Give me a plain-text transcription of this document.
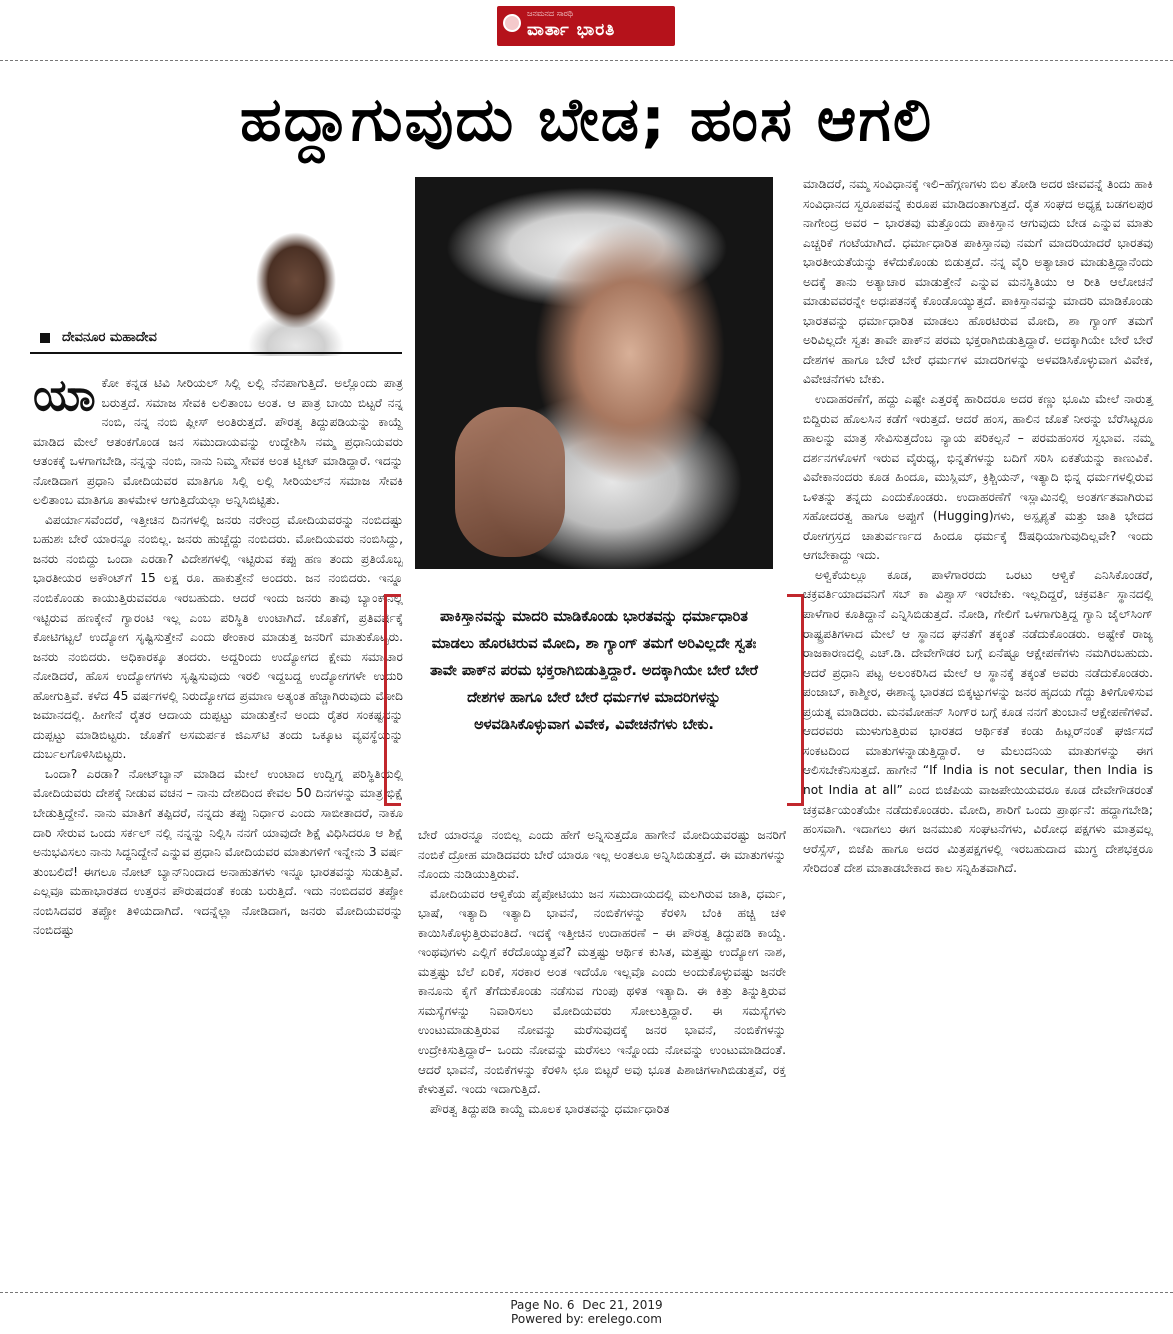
ಜನಮನದ ಸಾರಥಿ
ವಾರ್ತಾ ಭಾರತಿ
ಹದ್ದಾಗುವುದು ಬೇಡ; ಹಂಸ ಆಗಲಿ
ದೇವನೂರ ಮಹಾದೇವ

ಯಾಕೋ ಕನ್ನಡ ಟಿವಿ ಸೀರಿಯಲ್ ಸಿಲ್ಲಿ ಲಲ್ಲಿ ನೆನಪಾಗುತ್ತಿದೆ. ಅಲ್ಲೊಂದು ಪಾತ್ರ ಬರುತ್ತದೆ. ಸಮಾಜ ಸೇವಕಿ ಲಲಿತಾಂಬ ಅಂತ. ಆ ಪಾತ್ರ ಬಾಯಿ ಬಿಟ್ಟರೆ ನನ್ನ ನಂಬಿ, ನನ್ನ ನಂಬಿ ಪ್ಲೀಸ್ ಅಂತಿರುತ್ತದೆ. ಪೌರತ್ವ ತಿದ್ದುಪಡಿಯನ್ನು ಕಾಯ್ದೆ ಮಾಡಿದ ಮೇಲೆ ಆತಂಕಗೊಂಡ ಜನ ಸಮುದಾಯವನ್ನು ಉದ್ದೇಶಿಸಿ ನಮ್ಮ ಪ್ರಧಾನಿಯವರು ಆತಂಕಕ್ಕೆ ಒಳಗಾಗಬೇಡಿ, ನನ್ನನ್ನು ನಂಬಿ, ನಾನು ನಿಮ್ಮ ಸೇವಕ ಅಂತ ಟ್ವೀಟ್ ಮಾಡಿದ್ದಾರೆ. ಇದನ್ನು ನೋಡಿದಾಗ ಪ್ರಧಾನಿ ಮೋದಿಯವರ ಮಾತಿಗೂ ಸಿಲ್ಲಿ ಲಲ್ಲಿ ಸೀರಿಯಲ್‌ನ ಸಮಾಜ ಸೇವಕಿ ಲಲಿತಾಂಬ ಮಾತಿಗೂ ತಾಳಮೇಳ ಆಗುತ್ತಿದೆಯಲ್ಲಾ ಅನ್ನಿಸಿಬಿಟ್ಟಿತು.

ವಿಪರ್ಯಾಸವೆಂದರೆ, ಇತ್ತೀಚಿನ ದಿನಗಳಲ್ಲಿ ಜನರು ನರೇಂದ್ರ ಮೋದಿಯವರನ್ನು ನಂಬಿದಷ್ಟು ಬಹುಶಃ ಬೇರೆ ಯಾರನ್ನೂ ನಂಬಿಲ್ಲ. ಜನರು ಹುಚ್ಚೆದ್ದು ನಂಬಿದರು. ಮೋದಿಯವರು ನಂಬಿಸಿದ್ದು, ಜನರು ನಂಬಿದ್ದು ಒಂದಾ ಎರಡಾ? ವಿದೇಶಗಳಲ್ಲಿ ಇಟ್ಟಿರುವ ಕಪ್ಪು ಹಣ ತಂದು ಪ್ರತಿಯೊಬ್ಬ ಭಾರತೀಯರ ಅಕೌಂಟ್‌ಗೆ 15 ಲಕ್ಷ ರೂ. ಹಾಕುತ್ತೇನೆ ಅಂದರು. ಜನ ನಂಬಿದರು. ಇನ್ನೂ ನಂಬಿಕೊಂಡು ಕಾಯುತ್ತಿರುವವರೂ ಇರಬಹುದು. ಆದರೆ ಇಂದು ಜನರು ತಾವು ಬ್ಯಾಂಕ್‌ನಲ್ಲಿ ಇಟ್ಟಿರುವ ಹಣಕ್ಕೇನೆ ಗ್ಯಾರಂಟಿ ಇಲ್ಲ ಎಂಬ ಪರಿಸ್ಥಿತಿ ಉಂಟಾಗಿದೆ. ಜೊತೆಗೆ, ಪ್ರತಿವರ್ಷಕ್ಕೆ ಕೋಟಿಗಟ್ಟಲೆ ಉದ್ಯೋಗ ಸೃಷ್ಟಿಸುತ್ತೇನೆ ಎಂದು ಠೇಂಕಾರ ಮಾಡುತ್ತ ಜನರಿಗೆ ಮಾತುಕೊಟ್ಟರು. ಜನರು ನಂಬಿದರು. ಅಧಿಕಾರಕ್ಕೂ ತಂದರು. ಅದ್ದರಿಂದು ಉದ್ಯೋಗದ ಕ್ಷೇಮ ಸಮಾಚಾರ ನೋಡಿದರೆ, ಹೊಸ ಉದ್ಯೋಗಗಳು ಸೃಷ್ಟಿಸುವುದು ಇರಲಿ ಇದ್ದಬದ್ದ ಉದ್ಯೋಗಗಳೇ ಉದುರಿ ಹೋಗುತ್ತಿವೆ. ಕಳೆದ 45 ವರ್ಷಗಳಲ್ಲಿ ನಿರುದ್ಯೋಗದ ಪ್ರಮಾಣ ಅತ್ಯಂತ ಹೆಚ್ಚಾಗಿರುವುದು ಮೋದಿ ಜಮಾನದಲ್ಲಿ. ಹೀಗೇನೆ ರೈತರ ಆದಾಯ ದುಪ್ಪಟ್ಟು ಮಾಡುತ್ತೇನೆ ಅಂದು ರೈತರ ಸಂಕಷ್ಟವನ್ನು ದುಪ್ಪಟ್ಟು ಮಾಡಿಬಿಟ್ಟರು. ಜೊತೆಗೆ ಅಸಮರ್ಪಕ ಜಿಎಸ್‌ಟಿ ತಂದು ಒಕ್ಕೂಟ ವ್ಯವಸ್ಥೆಯನ್ನು ದುರ್ಬಲಗೊಳಿಸಿಬಿಟ್ಟರು.

ಒಂದಾ? ಎರಡಾ? ನೋಟ್‌ಬ್ಯಾನ್ ಮಾಡಿದ ಮೇಲೆ ಉಂಟಾದ ಉದ್ವಿಗ್ನ ಪರಿಸ್ಥಿತಿಯಲ್ಲಿ ಮೋದಿಯವರು ದೇಶಕ್ಕೆ ನೀಡುವ ವಚನ – ನಾನು ದೇಶದಿಂದ ಕೇವಲ 50 ದಿನಗಳನ್ನು ಮಾತ್ರ ಭಿಕ್ಷೆ ಬೇಡುತ್ತಿದ್ದೇನೆ. ನಾನು ಮಾತಿಗೆ ತಪ್ಪಿದರೆ, ನನ್ನದು ತಪ್ಪು ನಿರ್ಧಾರ ಎಂದು ಸಾಬೀತಾದರೆ, ನಾಕೂ ದಾರಿ ಸೇರುವ ಒಂದು ಸರ್ಕಲ್ ನಲ್ಲಿ ನನ್ನನ್ನು ನಿಲ್ಲಿಸಿ ನನಗೆ ಯಾವುದೇ ಶಿಕ್ಷೆ ವಿಧಿಸಿದರೂ ಆ ಶಿಕ್ಷೆ ಅನುಭವಿಸಲು ನಾನು ಸಿದ್ಧನಿದ್ದೇನೆ ಎನ್ನುವ ಪ್ರಧಾನಿ ಮೋದಿಯವರ ಮಾತುಗಳಿಗೆ ಇನ್ನೇನು 3 ವರ್ಷ ತುಂಬಲಿದೆ! ಈಗಲೂ ನೋಟ್ ಬ್ಯಾನ್‌ನಿಂದಾದ ಅನಾಹುತಗಳು ಇನ್ನೂ ಭಾರತವನ್ನು ಸುಡುತ್ತಿವೆ. ಎಲ್ಲವೂ ಮಹಾಭಾರತದ ಉತ್ತರನ ಪೌರುಷದಂತೆ ಕಂಡು ಬರುತ್ತಿದೆ. ಇದು ನಂಬಿದವರ ತಪ್ಪೋ ನಂಬಿಸಿದವರ ತಪ್ಪೋ ತಿಳಿಯದಾಗಿದೆ. ಇದನ್ನೆಲ್ಲಾ ನೋಡಿದಾಗ, ಜನರು ಮೋದಿಯವರನ್ನು ನಂಬಿದಷ್ಟು

ಪಾಕಿಸ್ತಾನವನ್ನು ಮಾದರಿ ಮಾಡಿಕೊಂಡು ಭಾರತವನ್ನು ಧರ್ಮಾಧಾರಿತ ಮಾಡಲು ಹೊರಟಿರುವ ಮೋದಿ, ಶಾ ಗ್ಯಾಂಗ್ ತಮಗೆ ಅರಿವಿಲ್ಲದೇ ಸ್ವತಃ ತಾವೇ ಪಾಕ್‌ನ ಪರಮ ಭಕ್ತರಾಗಿಬಿಡುತ್ತಿದ್ದಾರೆ. ಅದಕ್ಕಾಗಿಯೇ ಬೇರೆ ಬೇರೆ ದೇಶಗಳ ಹಾಗೂ ಬೇರೆ ಬೇರೆ ಧರ್ಮಗಳ ಮಾದರಿಗಳನ್ನು ಅಳವಡಿಸಿಕೊಳ್ಳುವಾಗ ವಿವೇಕ, ವಿವೇಚನೆಗಳು ಬೇಕು.

ಬೇರೆ ಯಾರನ್ನೂ ನಂಬಿಲ್ಲ ಎಂದು ಹೇಗೆ ಅನ್ನಿಸುತ್ತದೊ ಹಾಗೇನೆ ಮೋದಿಯವರಷ್ಟು ಜನರಿಗೆ ನಂಬಿಕೆ ದ್ರೋಹ ಮಾಡಿದವರು ಬೇರೆ ಯಾರೂ ಇಲ್ಲ ಅಂತಲೂ ಅನ್ನಿಸಿಬಿಡುತ್ತದೆ. ಈ ಮಾತುಗಳನ್ನು ನೊಂದು ನುಡಿಯುತ್ತಿರುವೆ.

ಮೋದಿಯವರ ಆಳ್ವಿಕೆಯ ಪೈಪೋಟಿಯು ಜನ ಸಮುದಾಯದಲ್ಲಿ ಮಲಗಿರುವ ಜಾತಿ, ಧರ್ಮ, ಭಾಷೆ, ಇತ್ಯಾದಿ ಇತ್ಯಾದಿ ಭಾವನೆ, ನಂಬಿಕೆಗಳನ್ನು ಕೆರಳಿಸಿ ಬೆಂಕಿ ಹಚ್ಚಿ ಚಳಿ ಕಾಯಿಸಿಕೊಳ್ಳುತ್ತಿರುವಂತಿದೆ. ಇದಕ್ಕೆ ಇತ್ತೀಚಿನ ಉದಾಹರಣೆ – ಈ ಪೌರತ್ವ ತಿದ್ದುಪಡಿ ಕಾಯ್ದೆ. ಇಂಥವುಗಳು ಎಲ್ಲಿಗೆ ಕರೆದೊಯ್ಯುತ್ತವೆ? ಮತ್ತಷ್ಟು ಆರ್ಥಿಕ ಕುಸಿತ, ಮತ್ತಷ್ಟು ಉದ್ಯೋಗ ನಾಶ, ಮತ್ತಷ್ಟು ಬೆಲೆ ಏರಿಕೆ, ಸರಕಾರ ಅಂತ ಇದೆಯೊ ಇಲ್ಲವೊ ಎಂದು ಅಂದುಕೊಳ್ಳುವಷ್ಟು ಜನರೇ ಕಾನೂನು ಕೈಗೆ ತೆಗೆದುಕೊಂಡು ನಡೆಸುವ ಗುಂಪು ಥಳಿತ ಇತ್ಯಾದಿ. ಈ ಕಿತ್ತು ತಿನ್ನುತ್ತಿರುವ ಸಮಸ್ಯೆಗಳನ್ನು ನಿವಾರಿಸಲು ಮೋದಿಯವರು ಸೋಲುತ್ತಿದ್ದಾರೆ. ಈ ಸಮಸ್ಯೆಗಳು ಉಂಟುಮಾಡುತ್ತಿರುವ ನೋವನ್ನು ಮರೆಸುವುದಕ್ಕೆ ಜನರ ಭಾವನೆ, ನಂಬಿಕೆಗಳನ್ನು ಉದ್ರೇಕಿಸುತ್ತಿದ್ದಾರೆ– ಒಂದು ನೋವನ್ನು ಮರೆಸಲು ಇನ್ನೊಂದು ನೋವನ್ನು ಉಂಟುಮಾಡಿದಂತೆ. ಆದರೆ ಭಾವನೆ, ನಂಬಿಕೆಗಳನ್ನು ಕೆರಳಿಸಿ ಛೂ ಬಿಟ್ಟರೆ ಅವು ಭೂತ ಪಿಶಾಚಿಗಳಾಗಿಬಿಡುತ್ತವೆ, ರಕ್ತ ಕೇಳುತ್ತವೆ. ಇಂದು ಇದಾಗುತ್ತಿದೆ.

ಪೌರತ್ವ ತಿದ್ದುಪಡಿ ಕಾಯ್ದೆ ಮೂಲಕ ಭಾರತವನ್ನು ಧರ್ಮಾಧಾರಿತ

ಮಾಡಿದರೆ, ನಮ್ಮ ಸಂವಿಧಾನಕ್ಕೆ ಇಲಿ–ಹೆಗ್ಗಣಗಳು ಬಿಲ ತೋಡಿ ಅದರ ಜೀವವನ್ನೆ ತಿಂದು ಹಾಕಿ ಸಂವಿಧಾನದ ಸ್ವರೂಪವನ್ನೆ ಕುರೂಪ ಮಾಡಿದಂತಾಗುತ್ತದೆ. ರೈತ ಸಂಘದ ಅಧ್ಯಕ್ಷ ಬಡಗಲಪುರ ನಾಗೇಂದ್ರ ಅವರ – ಭಾರತವು ಮತ್ತೊಂದು ಪಾಕಿಸ್ತಾನ ಆಗುವುದು ಬೇಡ ಎನ್ನುವ ಮಾತು ಎಚ್ಚರಿಕೆ ಗಂಟೆಯಾಗಿದೆ. ಧರ್ಮಾಧಾರಿತ ಪಾಕಿಸ್ತಾನವು ನಮಗೆ ಮಾದರಿಯಾದರೆ ಭಾರತವು ಭಾರತೀಯತೆಯನ್ನು ಕಳೆದುಕೊಂಡು ಬಿಡುತ್ತದೆ. ನನ್ನ ವೈರಿ ಅತ್ಯಾಚಾರ ಮಾಡುತ್ತಿದ್ದಾನೆಂದು ಅದಕ್ಕೆ ತಾನು ಅತ್ಯಾಚಾರ ಮಾಡುತ್ತೇನೆ ಎನ್ನುವ ಮನಸ್ಥಿತಿಯು ಆ ರೀತಿ ಆಲೋಚನೆ ಮಾಡುವವರನ್ನೇ ಅಧಃಪತನಕ್ಕೆ ಕೊಂಡೊಯ್ಯುತ್ತದೆ. ಪಾಕಿಸ್ತಾನವನ್ನು ಮಾದರಿ ಮಾಡಿಕೊಂಡು ಭಾರತವನ್ನು ಧರ್ಮಾಧಾರಿತ ಮಾಡಲು ಹೊರಟಿರುವ ಮೋದಿ, ಶಾ ಗ್ಯಾಂಗ್ ತಮಗೆ ಅರಿವಿಲ್ಲದೇ ಸ್ವತಃ ತಾವೇ ಪಾಕ್‌ನ ಪರಮ ಭಕ್ತರಾಗಿಬಿಡುತ್ತಿದ್ದಾರೆ. ಅದಕ್ಕಾಗಿಯೇ ಬೇರೆ ಬೇರೆ ದೇಶಗಳ ಹಾಗೂ ಬೇರೆ ಬೇರೆ ಧರ್ಮಗಳ ಮಾದರಿಗಳನ್ನು ಅಳವಡಿಸಿಕೊಳ್ಳುವಾಗ ವಿವೇಕ, ವಿವೇಚನೆಗಳು ಬೇಕು.

ಉದಾಹರಣೆಗೆ, ಹದ್ದು ಎಷ್ಟೇ ಎತ್ತರಕ್ಕೆ ಹಾರಿದರೂ ಅದರ ಕಣ್ಣು ಭೂಮಿ ಮೇಲೆ ನಾರುತ್ತ ಬಿದ್ದಿರುವ ಹೊಲಸಿನ ಕಡೆಗೆ ಇರುತ್ತದೆ. ಆದರೆ ಹಂಸ, ಹಾಲಿನ ಜೊತೆ ನೀರನ್ನು ಬೆರೆಸಿಟ್ಟರೂ ಹಾಲನ್ನು ಮಾತ್ರ ಸೇವಿಸುತ್ತದೆಂಬ ನ್ಯಾಯ ಪರಿಕಲ್ಪನೆ – ಪರಮಹಂಸರ ಸ್ವಭಾವ. ನಮ್ಮ ದರ್ಶನಗಳೊಳಗೆ ಇರುವ ವೈರುಧ್ಯ, ಭಿನ್ನತೆಗಳನ್ನು ಬದಿಗೆ ಸರಿಸಿ ಏಕತೆಯನ್ನು ಕಾಣುವಿಕೆ. ವಿವೇಕಾನಂದರು ಕೂಡ ಹಿಂದೂ, ಮುಸ್ಲಿಮ್, ಕ್ರಿಶ್ಚಿಯನ್, ಇತ್ಯಾದಿ ಭಿನ್ನ ಧರ್ಮಗಳಲ್ಲಿರುವ ಒಳಿತನ್ನು ತನ್ನದು ಎಂದುಕೊಂಡರು. ಉದಾಹರಣೆಗೆ ಇಸ್ಲಾಮಿನಲ್ಲಿ ಅಂತರ್ಗತವಾಗಿರುವ ಸಹೋದರತ್ವ ಹಾಗೂ ಅಪ್ಪುಗೆ (Hugging)ಗಳು, ಅಸ್ಪೃಶ್ಯತೆ ಮತ್ತು ಜಾತಿ ಭೇದದ ರೋಗಗ್ರಸ್ತದ ಚಾತುರ್ವರ್ಣದ ಹಿಂದೂ ಧರ್ಮಕ್ಕೆ ಔಷಧಿಯಾಗುವುದಿಲ್ಲವೇ? ಇಂದು ಆಗಬೇಕಾದ್ದು ಇದು.

ಅಳ್ವಿಕೆಯಲ್ಲೂ ಕೂಡ, ಪಾಳೆಗಾರರದು ಒರಟು ಆಳ್ವಿಕೆ ಎನಿಸಿಕೊಂಡರೆ, ಚಕ್ರವರ್ತಿಯಾದವನಿಗೆ ಸಬ್ ಕಾ ವಿಶ್ವಾಸ್ ಇರಬೇಕು. ಇಲ್ಲದಿದ್ದರೆ, ಚಕ್ರವರ್ತಿ ಸ್ಥಾನದಲ್ಲಿ ಪಾಳೆಗಾರ ಕೂತಿದ್ದಾನೆ ಎನ್ನಿಸಿಬಿಡುತ್ತದೆ. ನೋಡಿ, ಗೇಲಿಗೆ ಒಳಗಾಗುತ್ತಿದ್ದ ಗ್ಯಾನಿ ಜೈಲ್‌ಸಿಂಗ್ ರಾಷ್ಟ್ರಪತಿಗಳಾದ ಮೇಲೆ ಆ ಸ್ಥಾನದ ಘನತೆಗೆ ತಕ್ಕಂತೆ ನಡೆದುಕೊಂಡರು. ಅಷ್ಟೇಕೆ ರಾಜ್ಯ ರಾಜಕಾರಣದಲ್ಲಿ ಎಚ್.ಡಿ. ದೇವೇಗೌಡರ ಬಗ್ಗೆ ಏನೆಷ್ಟೂ ಆಕ್ಷೇಪಣೆಗಳು ನಮಗಿರಬಹುದು. ಆದರೆ ಪ್ರಧಾನಿ ಪಟ್ಟ ಅಲಂಕರಿಸಿದ ಮೇಲೆ ಆ ಸ್ಥಾನಕ್ಕೆ ತಕ್ಕಂತೆ ಅವರು ನಡೆದುಕೊಂಡರು. ಪಂಜಾಬ್, ಕಾಶ್ಮೀರ, ಈಶಾನ್ಯ ಭಾರತದ ಬಿಕ್ಕಟ್ಟುಗಳನ್ನು ಜನರ ಹೃದಯ ಗೆದ್ದು ತಿಳಿಗೊಳಿಸುವ ಪ್ರಯತ್ನ ಮಾಡಿದರು. ಮನಮೋಹನ್ ಸಿಂಗ್‌ರ ಬಗ್ಗೆ ಕೂಡ ನನಗೆ ತುಂಬಾನೆ ಆಕ್ಷೇಪಣೆಗಳಿವೆ. ಆದರವರು ಮುಳುಗುತ್ತಿರುವ ಭಾರತದ ಆರ್ಥಿಕತೆ ಕಂಡು ಹಿಟ್ಲರ್‌ನಂತೆ ಘರ್ಜಿಸದೆ ಸಂಕಟದಿಂದ ಮಾತುಗಳನ್ನಾಡುತ್ತಿದ್ದಾರೆ. ಆ ಮೆಲುದನಿಯ ಮಾತುಗಳನ್ನು ಈಗ ಆಲಿಸಬೇಕೆನಿಸುತ್ತದೆ. ಹಾಗೇನೆ “If India is not secular, then India is not India at all” ಎಂದ ಬಿಜೆಪಿಯ ವಾಜಪೇಯಿಯವರೂ ಕೂಡ ದೇವೇಗೌಡರಂತೆ ಚಕ್ರವರ್ತಿಯಂತೆಯೇ ನಡೆದುಕೊಂಡರು. ಮೋದಿ, ಶಾರಿಗೆ ಒಂದು ಪ್ರಾರ್ಥನೆ: ಹದ್ದಾಗಬೇಡಿ; ಹಂಸವಾಗಿ. ಇದಾಗಲು ಈಗ ಜನಮುಖಿ ಸಂಘಟನೆಗಳು, ವಿರೋಧ ಪಕ್ಷಗಳು ಮಾತ್ರವಲ್ಲ ಆರೆಸ್ಸೆಸ್, ಬಿಜೆಪಿ ಹಾಗೂ ಅದರ ಮಿತ್ರಪಕ್ಷಗಳಲ್ಲಿ ಇರಬಹುದಾದ ಮುಗ್ಧ ದೇಶಭಕ್ತರೂ ಸೇರಿದಂತೆ ದೇಶ ಮಾತಾಡಬೇಕಾದ ಕಾಲ ಸನ್ನಿಹಿತವಾಗಿದೆ.

Page No. 6 Dec 21, 2019
Powered by: erelego.com
